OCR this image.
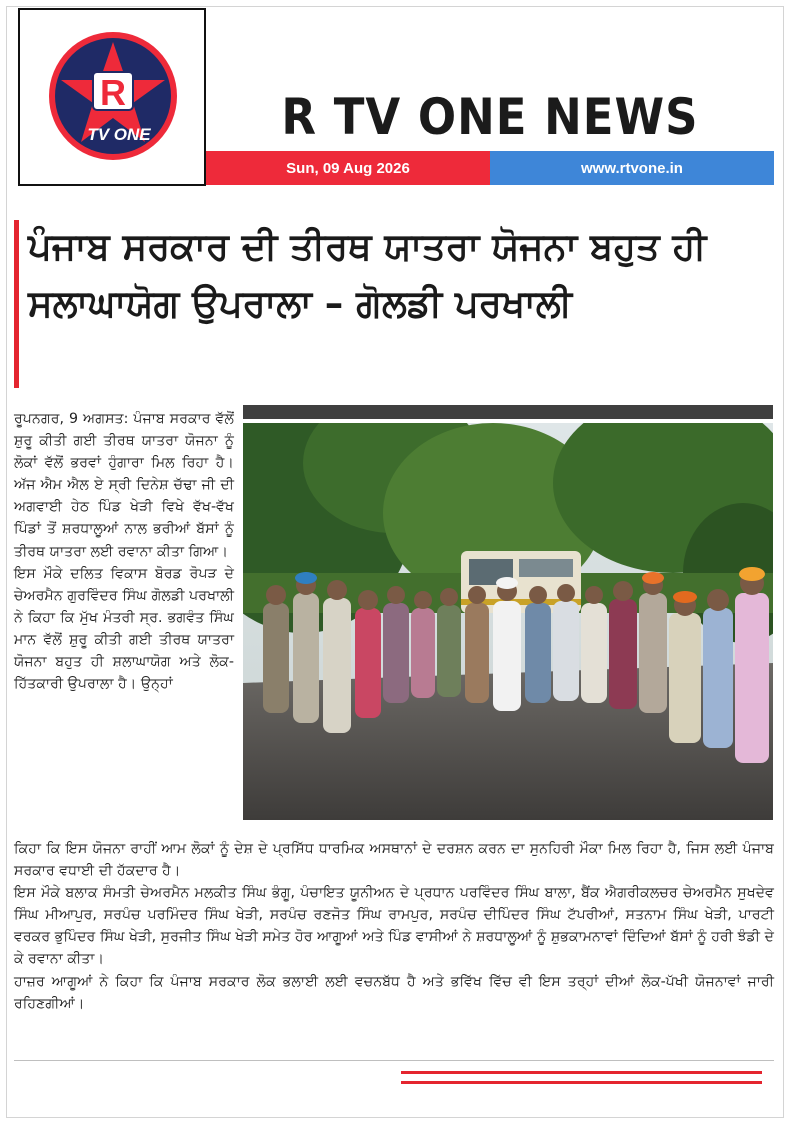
R
TV ONE	R TV ONE NEWS
Sun, 09 Aug 2026	www.rtvone.in
ਪੰਜਾਬ ਸਰਕਾਰ ਦੀ ਤੀਰਥ ਯਾਤਰਾ ਯੋਜਨਾ ਬਹੁਤ ਹੀ ਸਲਾਘਾਯੋਗ ਉਪਰਾਲਾ – ਗੋਲਡੀ ਪਰਖਾਲੀ

ਰੂਪਨਗਰ, 9 ਅਗਸਤ: ਪੰਜਾਬ ਸਰਕਾਰ ਵੱਲੋਂ ਸ਼ੁਰੂ ਕੀਤੀ ਗਈ ਤੀਰਥ ਯਾਤਰਾ ਯੋਜਨਾ ਨੂੰ ਲੋਕਾਂ ਵੱਲੋਂ ਭਰਵਾਂ ਹੁੰਗਾਰਾ ਮਿਲ ਰਿਹਾ ਹੈ। ਅੱਜ ਐਮ ਐਲ ਏ ਸ੍ਰੀ ਦਿਨੇਸ਼ ਚੱਢਾ ਜੀ ਦੀ ਅਗਵਾਈ ਹੇਠ ਪਿੰਡ ਖੇੜੀ ਵਿਖੇ ਵੱਖ-ਵੱਖ ਪਿੰਡਾਂ ਤੋਂ ਸ਼ਰਧਾਲੂਆਂ ਨਾਲ ਭਰੀਆਂ ਬੱਸਾਂ ਨੂੰ ਤੀਰਥ ਯਾਤਰਾ ਲਈ ਰਵਾਨਾ ਕੀਤਾ ਗਿਆ।

ਇਸ ਮੌਕੇ ਦਲਿਤ ਵਿਕਾਸ ਬੋਰਡ ਰੋਪੜ ਦੇ ਚੇਅਰਮੈਨ ਗੁਰਵਿੰਦਰ ਸਿੰਘ ਗੋਲਡੀ ਪਰਖਾਲੀ ਨੇ ਕਿਹਾ ਕਿ ਮੁੱਖ ਮੰਤਰੀ ਸ੍ਰ. ਭਗਵੰਤ ਸਿੰਘ ਮਾਨ ਵੱਲੋਂ ਸ਼ੁਰੂ ਕੀਤੀ ਗਈ ਤੀਰਥ ਯਾਤਰਾ ਯੋਜਨਾ ਬਹੁਤ ਹੀ ਸ਼ਲਾਘਾਯੋਗ ਅਤੇ ਲੋਕ-ਹਿੱਤਕਾਰੀ ਉਪਰਾਲਾ ਹੈ। ਉਨ੍ਹਾਂ

ਕਿਹਾ ਕਿ ਇਸ ਯੋਜਨਾ ਰਾਹੀਂ ਆਮ ਲੋਕਾਂ ਨੂੰ ਦੇਸ਼ ਦੇ ਪ੍ਰਸਿੱਧ ਧਾਰਮਿਕ ਅਸਥਾਨਾਂ ਦੇ ਦਰਸ਼ਨ ਕਰਨ ਦਾ ਸੁਨਹਿਰੀ ਮੌਕਾ ਮਿਲ ਰਿਹਾ ਹੈ, ਜਿਸ ਲਈ ਪੰਜਾਬ ਸਰਕਾਰ ਵਧਾਈ ਦੀ ਹੱਕਦਾਰ ਹੈ।

ਇਸ ਮੌਕੇ ਬਲਾਕ ਸੰਮਤੀ ਚੇਅਰਮੈਨ ਮਲਕੀਤ ਸਿੰਘ ਭੰਗੂ, ਪੰਚਾਇਤ ਯੂਨੀਅਨ ਦੇ ਪ੍ਰਧਾਨ ਪਰਵਿੰਦਰ ਸਿੰਘ ਬਾਲਾ, ਬੈਂਕ ਐਗਰੀਕਲਚਰ ਚੇਅਰਮੈਨ ਸੁਖਦੇਵ ਸਿੰਘ ਮੀਆਪੁਰ, ਸਰਪੰਚ ਪਰਮਿੰਦਰ ਸਿੰਘ ਖੇੜੀ, ਸਰਪੰਚ ਰਣਜੋਤ ਸਿੰਘ ਰਾਮਪੁਰ, ਸਰਪੰਚ ਦੀਪਿੰਦਰ ਸਿੰਘ ਟੱਪਰੀਆਂ, ਸਤਨਾਮ ਸਿੰਘ ਖੇੜੀ, ਪਾਰਟੀ ਵਰਕਰ ਭੁਪਿੰਦਰ ਸਿੰਘ ਖੇੜੀ, ਸੁਰਜੀਤ ਸਿੰਘ ਖੇੜੀ ਸਮੇਤ ਹੋਰ ਆਗੂਆਂ ਅਤੇ ਪਿੰਡ ਵਾਸੀਆਂ ਨੇ ਸ਼ਰਧਾਲੂਆਂ ਨੂੰ ਸ਼ੁਭਕਾਮਨਾਵਾਂ ਦਿੰਦਿਆਂ ਬੱਸਾਂ ਨੂੰ ਹਰੀ ਝੰਡੀ ਦੇ ਕੇ ਰਵਾਨਾ ਕੀਤਾ।

ਹਾਜ਼ਰ ਆਗੂਆਂ ਨੇ ਕਿਹਾ ਕਿ ਪੰਜਾਬ ਸਰਕਾਰ ਲੋਕ ਭਲਾਈ ਲਈ ਵਚਨਬੱਧ ਹੈ ਅਤੇ ਭਵਿੱਖ ਵਿੱਚ ਵੀ ਇਸ ਤਰ੍ਹਾਂ ਦੀਆਂ ਲੋਕ-ਪੱਖੀ ਯੋਜਨਾਵਾਂ ਜਾਰੀ ਰਹਿਣਗੀਆਂ।
